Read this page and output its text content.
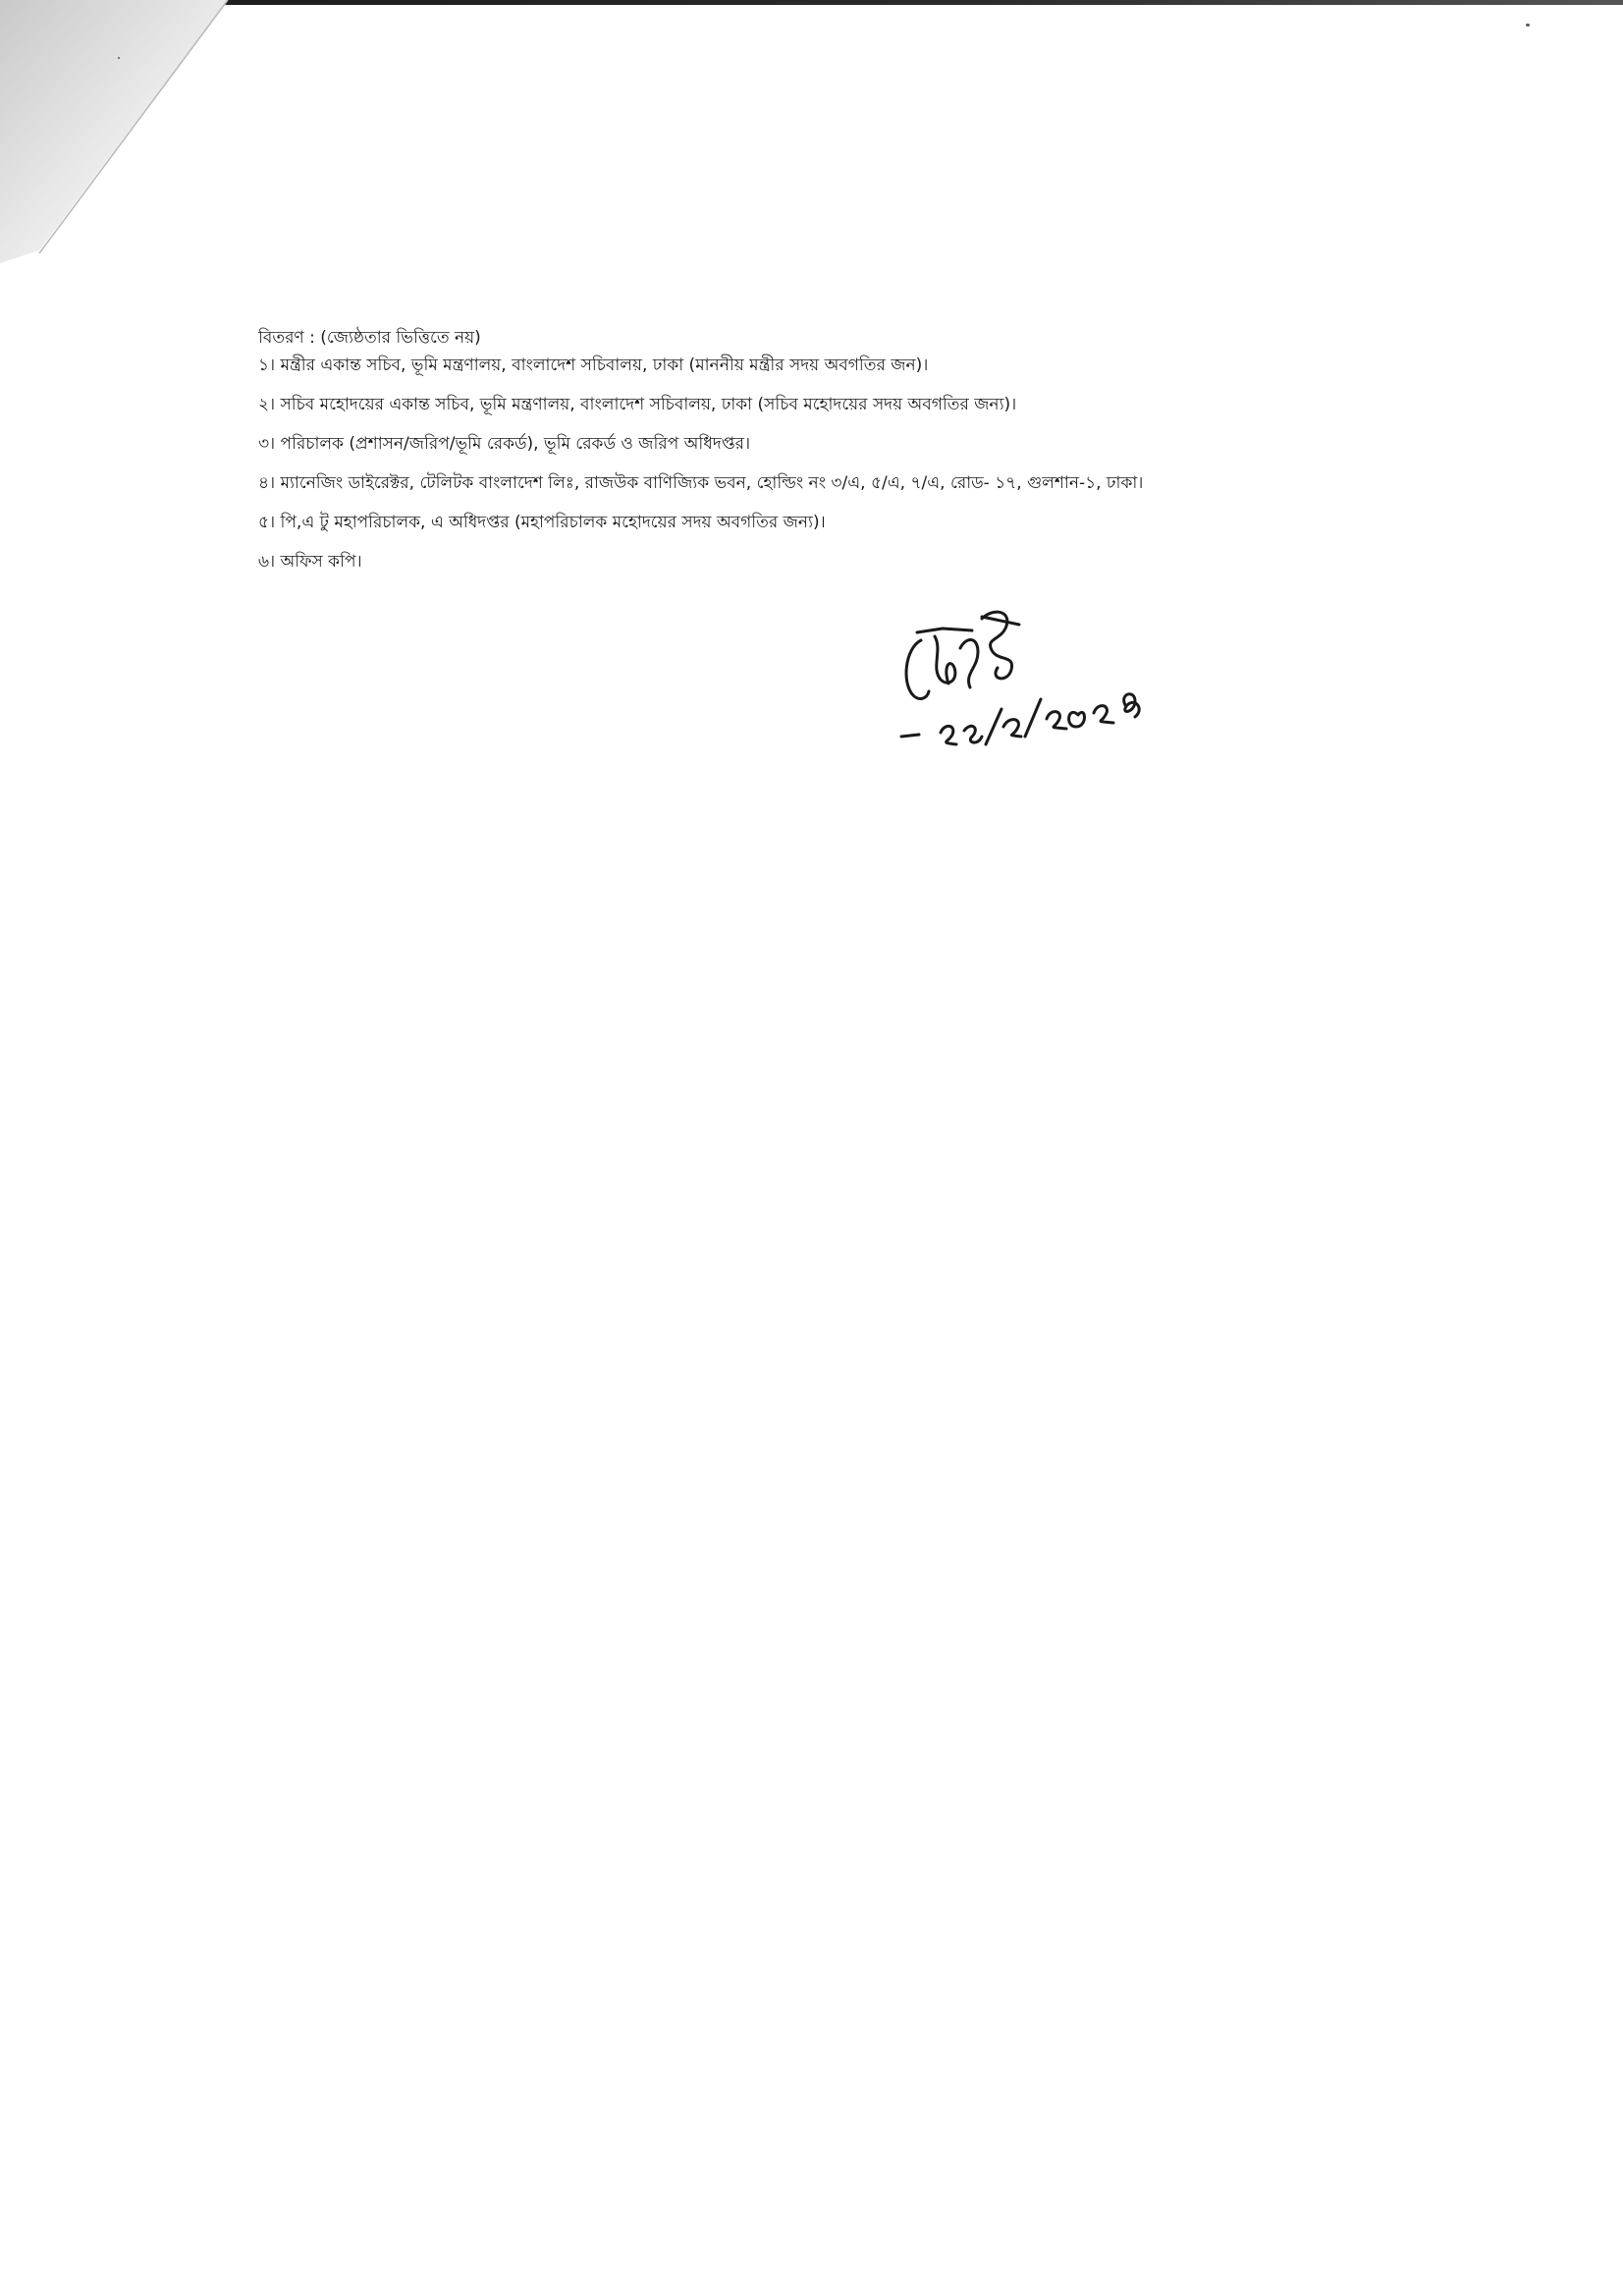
বিতরণ : (জ্যেষ্ঠতার ভিত্তিতে নয়)
১। মন্ত্রীর একান্ত সচিব, ভূমি মন্ত্রণালয়, বাংলাদেশ সচিবালয়, ঢাকা (মাননীয় মন্ত্রীর সদয় অবগতির জন)।
২। সচিব মহোদয়ের একান্ত সচিব, ভূমি মন্ত্রণালয়, বাংলাদেশ সচিবালয়, ঢাকা (সচিব মহোদয়ের সদয় অবগতির জন্য)।
৩। পরিচালক (প্রশাসন/জরিপ/ভূমি রেকর্ড), ভূমি রেকর্ড ও জরিপ অধিদপ্তর।
৪। ম্যানেজিং ডাইরেক্টর, টেলিটক বাংলাদেশ লিঃ, রাজউক বাণিজ্যিক ভবন, হোল্ডিং নং ৩/এ, ৫/এ, ৭/এ, রোড- ১৭, গুলশান-১, ঢাকা।
৫। পি,এ টু মহাপরিচালক, এ অধিদপ্তর (মহাপরিচালক মহোদয়ের সদয় অবগতির জন্য)।
৬। অফিস কপি।
